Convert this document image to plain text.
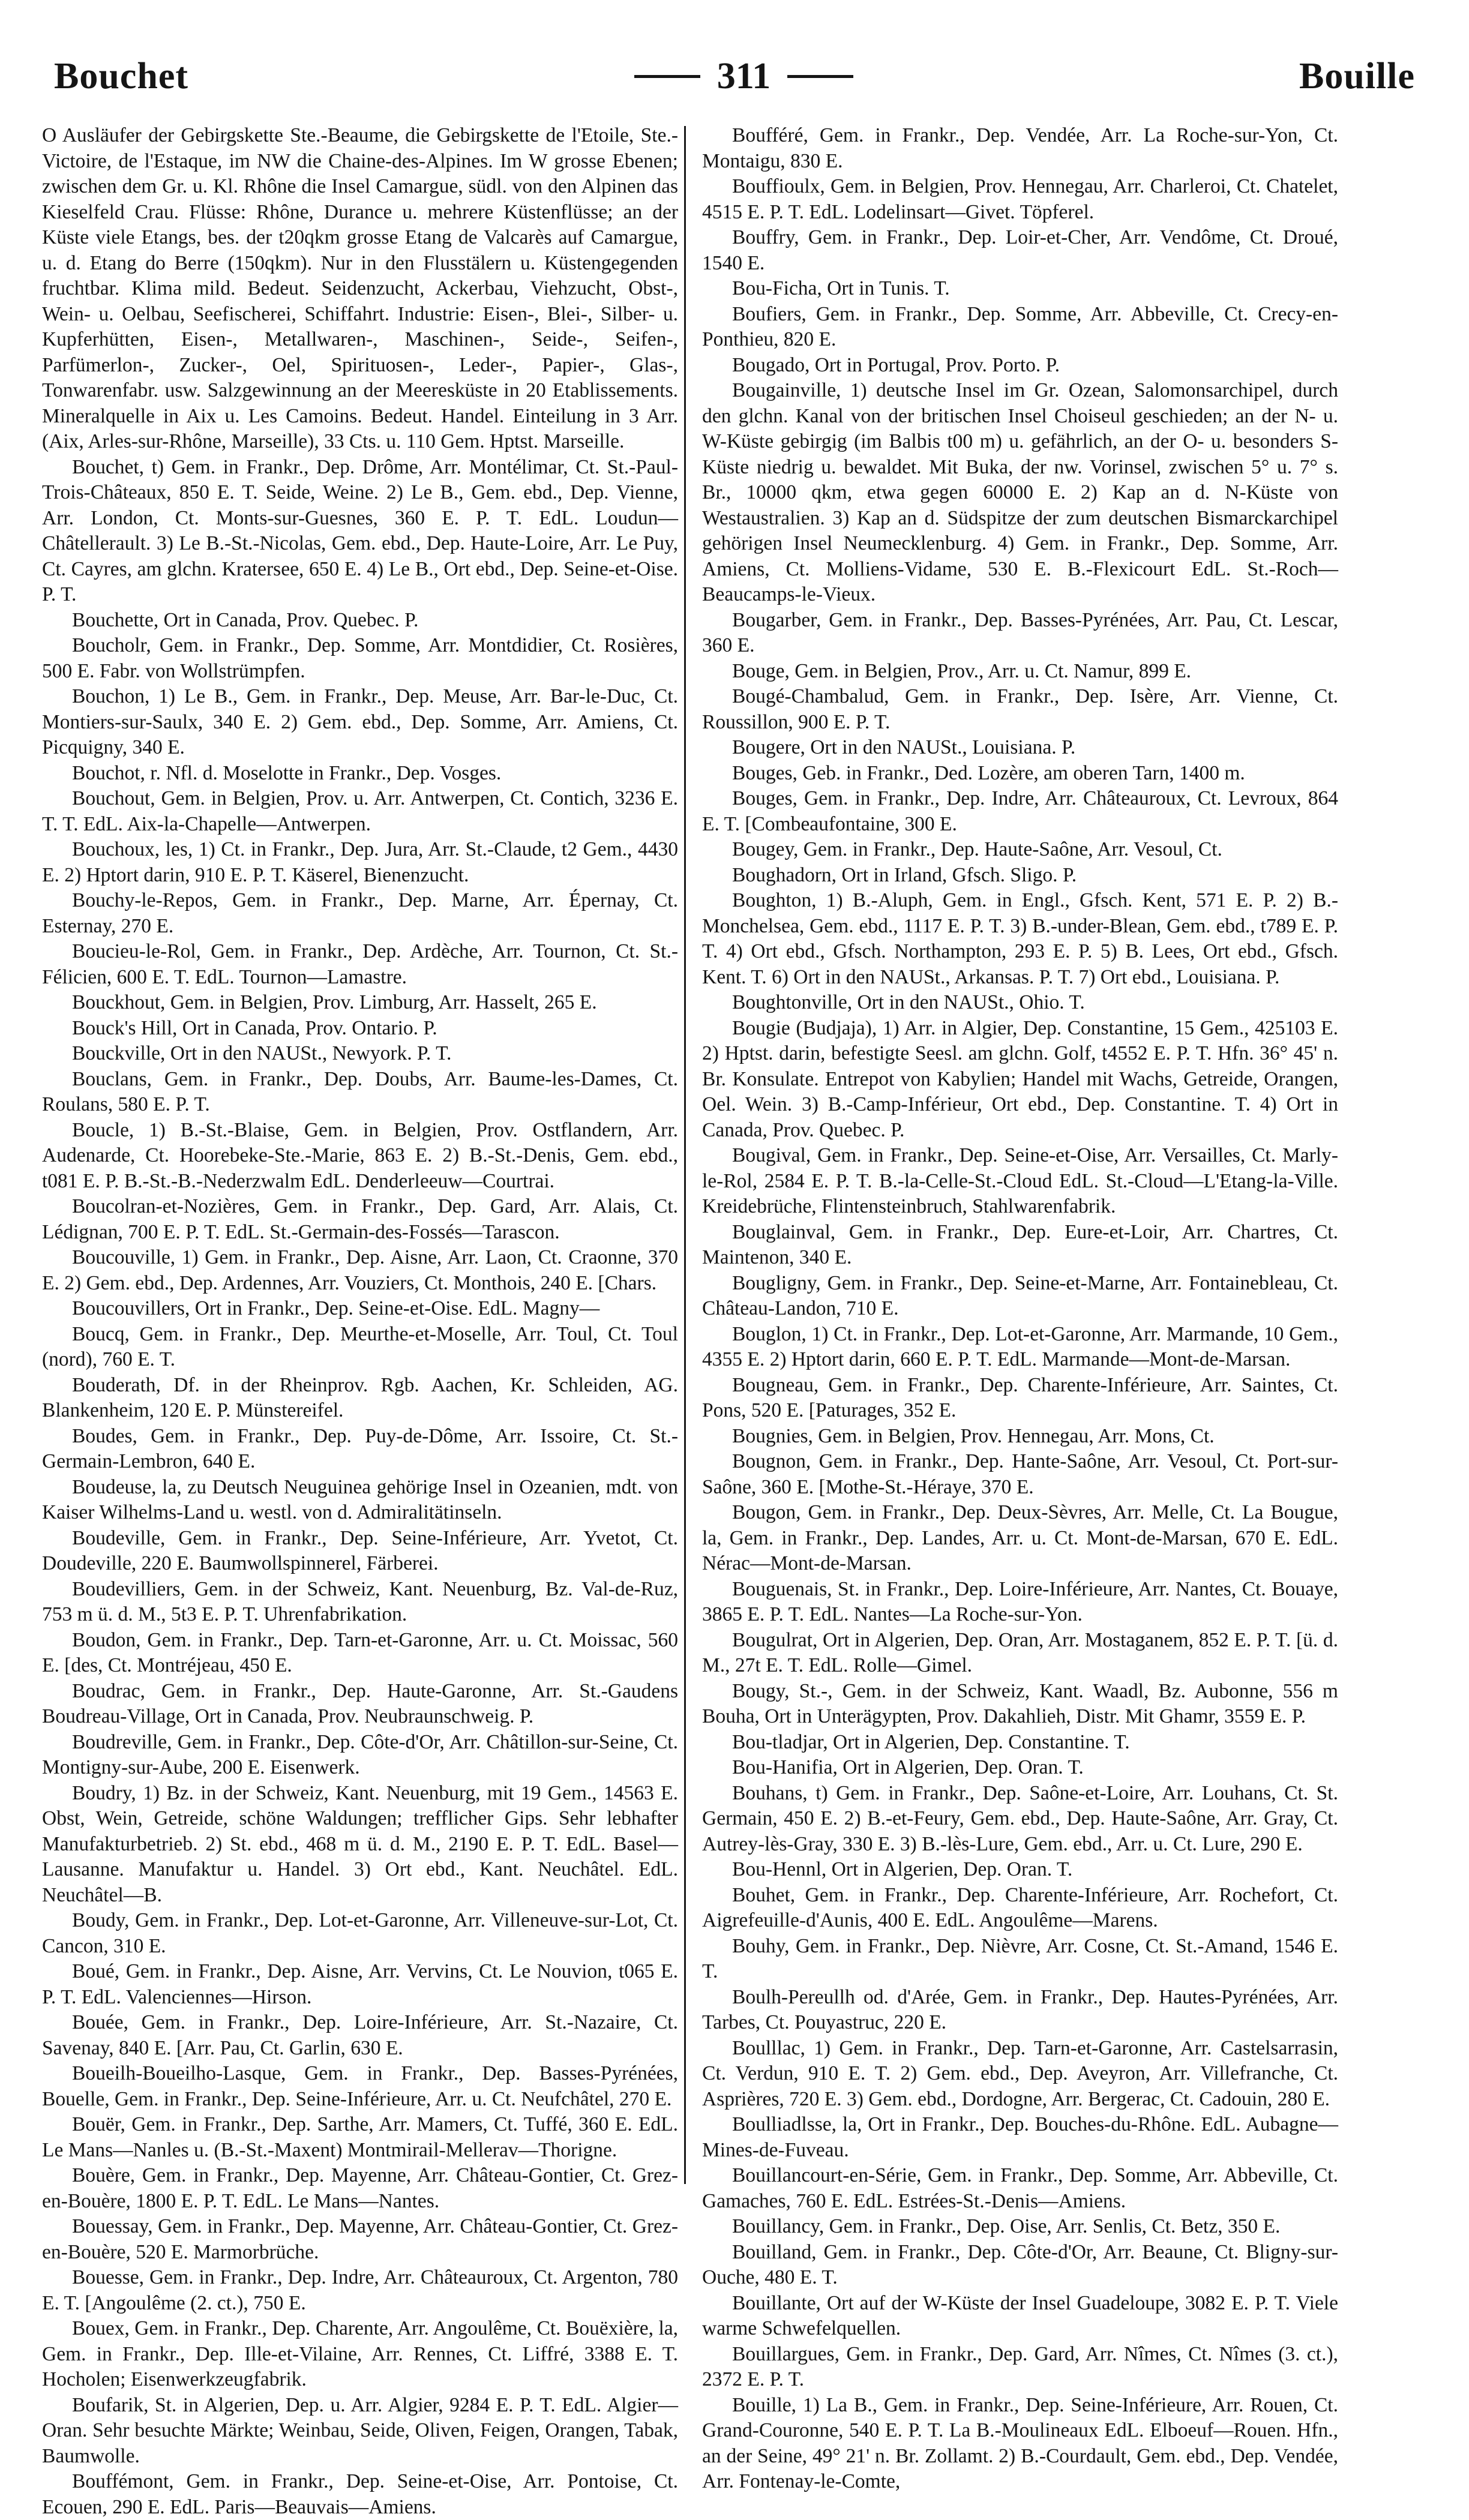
Bouchet	311	Bouille

O Ausläufer der Gebirgskette Ste.-Beaume, die Gebirgskette de l'Etoile, Ste.-Victoire, de l'Estaque, im NW die Chaine-des-Alpines. Im W grosse Ebenen; zwischen dem Gr. u. Kl. Rhône die Insel Camargue, südl. von den Alpinen das Kieselfeld Crau. Flüsse: Rhône, Durance u. mehrere Küstenflüsse; an der Küste viele Etangs, bes. der t20qkm grosse Etang de Valcarès auf Camargue, u. d. Etang do Berre (150qkm). Nur in den Flusstälern u. Küstengegenden fruchtbar. Klima mild. Bedeut. Seidenzucht, Ackerbau, Viehzucht, Obst-, Wein- u. Oelbau, Seefischerei, Schiffahrt. Industrie: Eisen-, Blei-, Silber- u. Kupferhütten, Eisen-, Metallwaren-, Maschinen-, Seide-, Seifen-, Parfümerlon-, Zucker-, Oel, Spirituosen-, Leder-, Papier-, Glas-, Tonwarenfabr. usw. Salzgewinnung an der Meeresküste in 20 Etablissements. Mineralquelle in Aix u. Les Camoins. Bedeut. Handel. Einteilung in 3 Arr. (Aix, Arles-sur-Rhône, Marseille), 33 Cts. u. 110 Gem. Hptst. Marseille.

Bouchet, t) Gem. in Frankr., Dep. Drôme, Arr. Montélimar, Ct. St.-Paul-Trois-Châteaux, 850 E. T. Seide, Weine. 2) Le B., Gem. ebd., Dep. Vienne, Arr. London, Ct. Monts-sur-Guesnes, 360 E. P. T. EdL. Loudun—Châtellerault. 3) Le B.-St.-Nicolas, Gem. ebd., Dep. Haute-Loire, Arr. Le Puy, Ct. Cayres, am glchn. Kratersee, 650 E. 4) Le B., Ort ebd., Dep. Seine-et-Oise. P. T.

Bouchette, Ort in Canada, Prov. Quebec. P.

Boucholr, Gem. in Frankr., Dep. Somme, Arr. Montdidier, Ct. Rosières, 500 E. Fabr. von Wollstrümpfen.

Bouchon, 1) Le B., Gem. in Frankr., Dep. Meuse, Arr. Bar-le-Duc, Ct. Montiers-sur-Saulx, 340 E. 2) Gem. ebd., Dep. Somme, Arr. Amiens, Ct. Picquigny, 340 E.

Bouchot, r. Nfl. d. Moselotte in Frankr., Dep. Vosges.

Bouchout, Gem. in Belgien, Prov. u. Arr. Antwerpen, Ct. Contich, 3236 E. T. T. EdL. Aix-la-Chapelle—Antwerpen.

Bouchoux, les, 1) Ct. in Frankr., Dep. Jura, Arr. St.-Claude, t2 Gem., 4430 E. 2) Hptort darin, 910 E. P. T. Käserel, Bienenzucht.

Bouchy-le-Repos, Gem. in Frankr., Dep. Marne, Arr. Épernay, Ct. Esternay, 270 E.

Boucieu-le-Rol, Gem. in Frankr., Dep. Ardèche, Arr. Tournon, Ct. St.-Félicien, 600 E. T. EdL. Tournon—Lamastre.

Bouckhout, Gem. in Belgien, Prov. Limburg, Arr. Hasselt, 265 E.

Bouck's Hill, Ort in Canada, Prov. Ontario. P.

Bouckville, Ort in den NAUSt., Newyork. P. T.

Bouclans, Gem. in Frankr., Dep. Doubs, Arr. Baume-les-Dames, Ct. Roulans, 580 E. P. T.

Boucle, 1) B.-St.-Blaise, Gem. in Belgien, Prov. Ostflandern, Arr. Audenarde, Ct. Hoorebeke-Ste.-Marie, 863 E. 2) B.-St.-Denis, Gem. ebd., t081 E. P. B.-St.-B.-Nederzwalm EdL. Denderleeuw—Courtrai.

Boucolran-et-Nozières, Gem. in Frankr., Dep. Gard, Arr. Alais, Ct. Lédignan, 700 E. P. T. EdL. St.-Germain-des-Fossés—Tarascon.

Boucouville, 1) Gem. in Frankr., Dep. Aisne, Arr. Laon, Ct. Craonne, 370 E. 2) Gem. ebd., Dep. Ardennes, Arr. Vouziers, Ct. Monthois, 240 E. [Chars.

Boucouvillers, Ort in Frankr., Dep. Seine-et-Oise. EdL. Magny—

Boucq, Gem. in Frankr., Dep. Meurthe-et-Moselle, Arr. Toul, Ct. Toul (nord), 760 E. T.

Bouderath, Df. in der Rheinprov. Rgb. Aachen, Kr. Schleiden, AG. Blankenheim, 120 E. P. Münstereifel.

Boudes, Gem. in Frankr., Dep. Puy-de-Dôme, Arr. Issoire, Ct. St.-Germain-Lembron, 640 E.

Boudeuse, la, zu Deutsch Neuguinea gehörige Insel in Ozeanien, mdt. von Kaiser Wilhelms-Land u. westl. von d. Admiralitätinseln.

Boudeville, Gem. in Frankr., Dep. Seine-Inférieure, Arr. Yvetot, Ct. Doudeville, 220 E. Baumwollspinnerel, Färberei.

Boudevilliers, Gem. in der Schweiz, Kant. Neuenburg, Bz. Val-de-Ruz, 753 m ü. d. M., 5t3 E. P. T. Uhrenfabrikation.

Boudon, Gem. in Frankr., Dep. Tarn-et-Garonne, Arr. u. Ct. Moissac, 560 E. [des, Ct. Montréjeau, 450 E.

Boudrac, Gem. in Frankr., Dep. Haute-Garonne, Arr. St.-Gaudens Boudreau-Village, Ort in Canada, Prov. Neubraunschweig. P.

Boudreville, Gem. in Frankr., Dep. Côte-d'Or, Arr. Châtillon-sur-Seine, Ct. Montigny-sur-Aube, 200 E. Eisenwerk.

Boudry, 1) Bz. in der Schweiz, Kant. Neuenburg, mit 19 Gem., 14563 E. Obst, Wein, Getreide, schöne Waldungen; trefflicher Gips. Sehr lebhafter Manufakturbetrieb. 2) St. ebd., 468 m ü. d. M., 2190 E. P. T. EdL. Basel—Lausanne. Manufaktur u. Handel. 3) Ort ebd., Kant. Neuchâtel. EdL. Neuchâtel—B.

Boudy, Gem. in Frankr., Dep. Lot-et-Garonne, Arr. Villeneuve-sur-Lot, Ct. Cancon, 310 E.

Boué, Gem. in Frankr., Dep. Aisne, Arr. Vervins, Ct. Le Nouvion, t065 E. P. T. EdL. Valenciennes—Hirson.

Bouée, Gem. in Frankr., Dep. Loire-Inférieure, Arr. St.-Nazaire, Ct. Savenay, 840 E. [Arr. Pau, Ct. Garlin, 630 E.

Boueilh-Boueilho-Lasque, Gem. in Frankr., Dep. Basses-Pyrénées, Bouelle, Gem. in Frankr., Dep. Seine-Inférieure, Arr. u. Ct. Neufchâtel, 270 E.

Bouër, Gem. in Frankr., Dep. Sarthe, Arr. Mamers, Ct. Tuffé, 360 E. EdL. Le Mans—Nanles u. (B.-St.-Maxent) Montmirail-Mellerav—Thorigne.

Bouère, Gem. in Frankr., Dep. Mayenne, Arr. Château-Gontier, Ct. Grez-en-Bouère, 1800 E. P. T. EdL. Le Mans—Nantes.

Bouessay, Gem. in Frankr., Dep. Mayenne, Arr. Château-Gontier, Ct. Grez-en-Bouère, 520 E. Marmorbrüche.

Bouesse, Gem. in Frankr., Dep. Indre, Arr. Châteauroux, Ct. Argenton, 780 E. T. [Angoulême (2. ct.), 750 E.

Bouex, Gem. in Frankr., Dep. Charente, Arr. Angoulême, Ct. Bouëxière, la, Gem. in Frankr., Dep. Ille-et-Vilaine, Arr. Rennes, Ct. Liffré, 3388 E. T. Hocholen; Eisenwerkzeugfabrik.

Boufarik, St. in Algerien, Dep. u. Arr. Algier, 9284 E. P. T. EdL. Algier—Oran. Sehr besuchte Märkte; Weinbau, Seide, Oliven, Feigen, Orangen, Tabak, Baumwolle.

Bouffémont, Gem. in Frankr., Dep. Seine-et-Oise, Arr. Pontoise, Ct. Ecouen, 290 E. EdL. Paris—Beauvais—Amiens.

Boufféré, Gem. in Frankr., Dep. Vendée, Arr. La Roche-sur-Yon, Ct. Montaigu, 830 E.

Bouffioulx, Gem. in Belgien, Prov. Hennegau, Arr. Charleroi, Ct. Chatelet, 4515 E. P. T. EdL. Lodelinsart—Givet. Töpferel.

Bouffry, Gem. in Frankr., Dep. Loir-et-Cher, Arr. Vendôme, Ct. Droué, 1540 E.

Bou-Ficha, Ort in Tunis. T.

Boufiers, Gem. in Frankr., Dep. Somme, Arr. Abbeville, Ct. Crecy-en-Ponthieu, 820 E.

Bougado, Ort in Portugal, Prov. Porto. P.

Bougainville, 1) deutsche Insel im Gr. Ozean, Salomonsarchipel, durch den glchn. Kanal von der britischen Insel Choiseul geschieden; an der N- u. W-Küste gebirgig (im Balbis t00 m) u. gefährlich, an der O- u. besonders S-Küste niedrig u. bewaldet. Mit Buka, der nw. Vorinsel, zwischen 5° u. 7° s. Br., 10000 qkm, etwa gegen 60000 E. 2) Kap an d. N-Küste von Westaustralien. 3) Kap an d. Südspitze der zum deutschen Bismarckarchipel gehörigen Insel Neumecklenburg. 4) Gem. in Frankr., Dep. Somme, Arr. Amiens, Ct. Molliens-Vidame, 530 E. B.-Flexicourt EdL. St.-Roch—Beaucamps-le-Vieux.

Bougarber, Gem. in Frankr., Dep. Basses-Pyrénées, Arr. Pau, Ct. Lescar, 360 E.

Bouge, Gem. in Belgien, Prov., Arr. u. Ct. Namur, 899 E.

Bougé-Chambalud, Gem. in Frankr., Dep. Isère, Arr. Vienne, Ct. Roussillon, 900 E. P. T.

Bougere, Ort in den NAUSt., Louisiana. P.

Bouges, Geb. in Frankr., Ded. Lozère, am oberen Tarn, 1400 m.

Bouges, Gem. in Frankr., Dep. Indre, Arr. Châteauroux, Ct. Levroux, 864 E. T. [Combeaufontaine, 300 E.

Bougey, Gem. in Frankr., Dep. Haute-Saône, Arr. Vesoul, Ct.

Boughadorn, Ort in Irland, Gfsch. Sligo. P.

Boughton, 1) B.-Aluph, Gem. in Engl., Gfsch. Kent, 571 E. P. 2) B.-Monchelsea, Gem. ebd., 1117 E. P. T. 3) B.-under-Blean, Gem. ebd., t789 E. P. T. 4) Ort ebd., Gfsch. Northampton, 293 E. P. 5) B. Lees, Ort ebd., Gfsch. Kent. T. 6) Ort in den NAUSt., Arkansas. P. T. 7) Ort ebd., Louisiana. P.

Boughtonville, Ort in den NAUSt., Ohio. T.

Bougie (Budjaja), 1) Arr. in Algier, Dep. Constantine, 15 Gem., 425103 E. 2) Hptst. darin, befestigte Seesl. am glchn. Golf, t4552 E. P. T. Hfn. 36° 45' n. Br. Konsulate. Entrepot von Kabylien; Handel mit Wachs, Getreide, Orangen, Oel. Wein. 3) B.-Camp-Inférieur, Ort ebd., Dep. Constantine. T. 4) Ort in Canada, Prov. Quebec. P.

Bougival, Gem. in Frankr., Dep. Seine-et-Oise, Arr. Versailles, Ct. Marly-le-Rol, 2584 E. P. T. B.-la-Celle-St.-Cloud EdL. St.-Cloud—L'Etang-la-Ville. Kreidebrüche, Flintensteinbruch, Stahlwarenfabrik.

Bouglainval, Gem. in Frankr., Dep. Eure-et-Loir, Arr. Chartres, Ct. Maintenon, 340 E.

Bougligny, Gem. in Frankr., Dep. Seine-et-Marne, Arr. Fontainebleau, Ct. Château-Landon, 710 E.

Bouglon, 1) Ct. in Frankr., Dep. Lot-et-Garonne, Arr. Marmande, 10 Gem., 4355 E. 2) Hptort darin, 660 E. P. T. EdL. Marmande—Mont-de-Marsan.

Bougneau, Gem. in Frankr., Dep. Charente-Inférieure, Arr. Saintes, Ct. Pons, 520 E. [Paturages, 352 E.

Bougnies, Gem. in Belgien, Prov. Hennegau, Arr. Mons, Ct.

Bougnon, Gem. in Frankr., Dep. Hante-Saône, Arr. Vesoul, Ct. Port-sur-Saône, 360 E. [Mothe-St.-Héraye, 370 E.

Bougon, Gem. in Frankr., Dep. Deux-Sèvres, Arr. Melle, Ct. La Bougue, la, Gem. in Frankr., Dep. Landes, Arr. u. Ct. Mont-de-Marsan, 670 E. EdL. Nérac—Mont-de-Marsan.

Bouguenais, St. in Frankr., Dep. Loire-Inférieure, Arr. Nantes, Ct. Bouaye, 3865 E. P. T. EdL. Nantes—La Roche-sur-Yon.

Bougulrat, Ort in Algerien, Dep. Oran, Arr. Mostaganem, 852 E. P. T. [ü. d. M., 27t E. T. EdL. Rolle—Gimel.

Bougy, St.-, Gem. in der Schweiz, Kant. Waadl, Bz. Aubonne, 556 m Bouha, Ort in Unterägypten, Prov. Dakahlieh, Distr. Mit Ghamr, 3559 E. P.

Bou-tladjar, Ort in Algerien, Dep. Constantine. T.

Bou-Hanifia, Ort in Algerien, Dep. Oran. T.

Bouhans, t) Gem. in Frankr., Dep. Saône-et-Loire, Arr. Louhans, Ct. St. Germain, 450 E. 2) B.-et-Feury, Gem. ebd., Dep. Haute-Saône, Arr. Gray, Ct. Autrey-lès-Gray, 330 E. 3) B.-lès-Lure, Gem. ebd., Arr. u. Ct. Lure, 290 E.

Bou-Hennl, Ort in Algerien, Dep. Oran. T.

Bouhet, Gem. in Frankr., Dep. Charente-Inférieure, Arr. Rochefort, Ct. Aigrefeuille-d'Aunis, 400 E. EdL. Angoulême—Marens.

Bouhy, Gem. in Frankr., Dep. Nièvre, Arr. Cosne, Ct. St.-Amand, 1546 E. T.

Boulh-Pereullh od. d'Arée, Gem. in Frankr., Dep. Hautes-Pyrénées, Arr. Tarbes, Ct. Pouyastruc, 220 E.

Boulllac, 1) Gem. in Frankr., Dep. Tarn-et-Garonne, Arr. Castelsarrasin, Ct. Verdun, 910 E. T. 2) Gem. ebd., Dep. Aveyron, Arr. Villefranche, Ct. Asprières, 720 E. 3) Gem. ebd., Dordogne, Arr. Bergerac, Ct. Cadouin, 280 E.

Boulliadlsse, la, Ort in Frankr., Dep. Bouches-du-Rhône. EdL. Aubagne—Mines-de-Fuveau.

Bouillancourt-en-Série, Gem. in Frankr., Dep. Somme, Arr. Abbeville, Ct. Gamaches, 760 E. EdL. Estrées-St.-Denis—Amiens.

Bouillancy, Gem. in Frankr., Dep. Oise, Arr. Senlis, Ct. Betz, 350 E.

Bouilland, Gem. in Frankr., Dep. Côte-d'Or, Arr. Beaune, Ct. Bligny-sur-Ouche, 480 E. T.

Bouillante, Ort auf der W-Küste der Insel Guadeloupe, 3082 E. P. T. Viele warme Schwefelquellen.

Bouillargues, Gem. in Frankr., Dep. Gard, Arr. Nîmes, Ct. Nîmes (3. ct.), 2372 E. P. T.

Bouille, 1) La B., Gem. in Frankr., Dep. Seine-Inférieure, Arr. Rouen, Ct. Grand-Couronne, 540 E. P. T. La B.-Moulineaux EdL. Elboeuf—Rouen. Hfn., an der Seine, 49° 21' n. Br. Zollamt. 2) B.-Courdault, Gem. ebd., Dep. Vendée, Arr. Fontenay-le-Comte,
